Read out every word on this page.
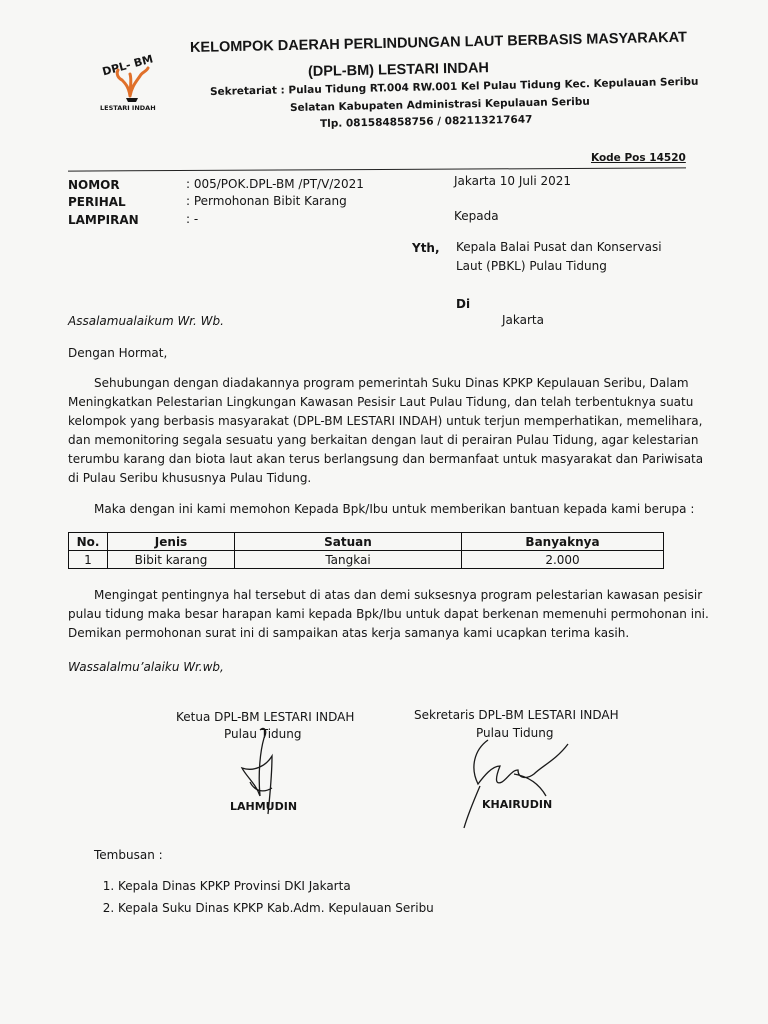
DPL- BM
LESTARI INDAH
KELOMPOK DAERAH PERLINDUNGAN LAUT BERBASIS MASYARAKAT
(DPL-BM) LESTARI INDAH
Sekretariat : Pulau Tidung RT.004 RW.001 Kel Pulau Tidung Kec. Kepulauan Seribu
Selatan Kabupaten Administrasi Kepulauan Seribu
Tlp. 081584858756 / 082113217647
Kode Pos 14520
NOMOR	: 005/POK.DPL-BM /PT/V/2021
PERIHAL	: Permohonan Bibit Karang
LAMPIRAN	: -
Jakarta 10 Juli 2021
Kepada
Yth, Kepala Balai Pusat dan Konservasi
Laut (PBKL) Pulau Tidung
Di
Jakarta
Assalamualaikum Wr. Wb.
Dengan Hormat,
Sehubungan dengan diadakannya program pemerintah Suku Dinas KPKP Kepulauan Seribu, Dalam
Meningkatkan Pelestarian Lingkungan Kawasan Pesisir Laut Pulau Tidung, dan telah terbentuknya suatu
kelompok yang berbasis masyarakat (DPL-BM LESTARI INDAH) untuk terjun memperhatikan, memelihara,
dan memonitoring segala sesuatu yang berkaitan dengan laut di perairan Pulau Tidung, agar kelestarian
terumbu karang dan biota laut akan terus berlangsung dan bermanfaat untuk masyarakat dan Pariwisata
di Pulau Seribu khususnya Pulau Tidung.
Maka dengan ini kami memohon Kepada Bpk/Ibu untuk memberikan bantuan kepada kami berupa :
No.	Jenis	Satuan	Banyaknya
1	Bibit karang	Tangkai	2.000
Mengingat pentingnya hal tersebut di atas dan demi suksesnya program pelestarian kawasan pesisir
pulau tidung maka besar harapan kami kepada Bpk/Ibu untuk dapat berkenan memenuhi permohonan ini.
Demikan permohonan surat ini di sampaikan atas kerja samanya kami ucapkan terima kasih.
Wassalalmu’alaiku Wr.wb,
Ketua DPL-BM LESTARI INDAH
Pulau Tidung
LAHMUDIN
Sekretaris DPL-BM LESTARI INDAH
Pulau Tidung
KHAIRUDIN
Tembusan :
1. Kepala Dinas KPKP Provinsi DKI Jakarta
2. Kepala Suku Dinas KPKP Kab.Adm. Kepulauan Seribu
